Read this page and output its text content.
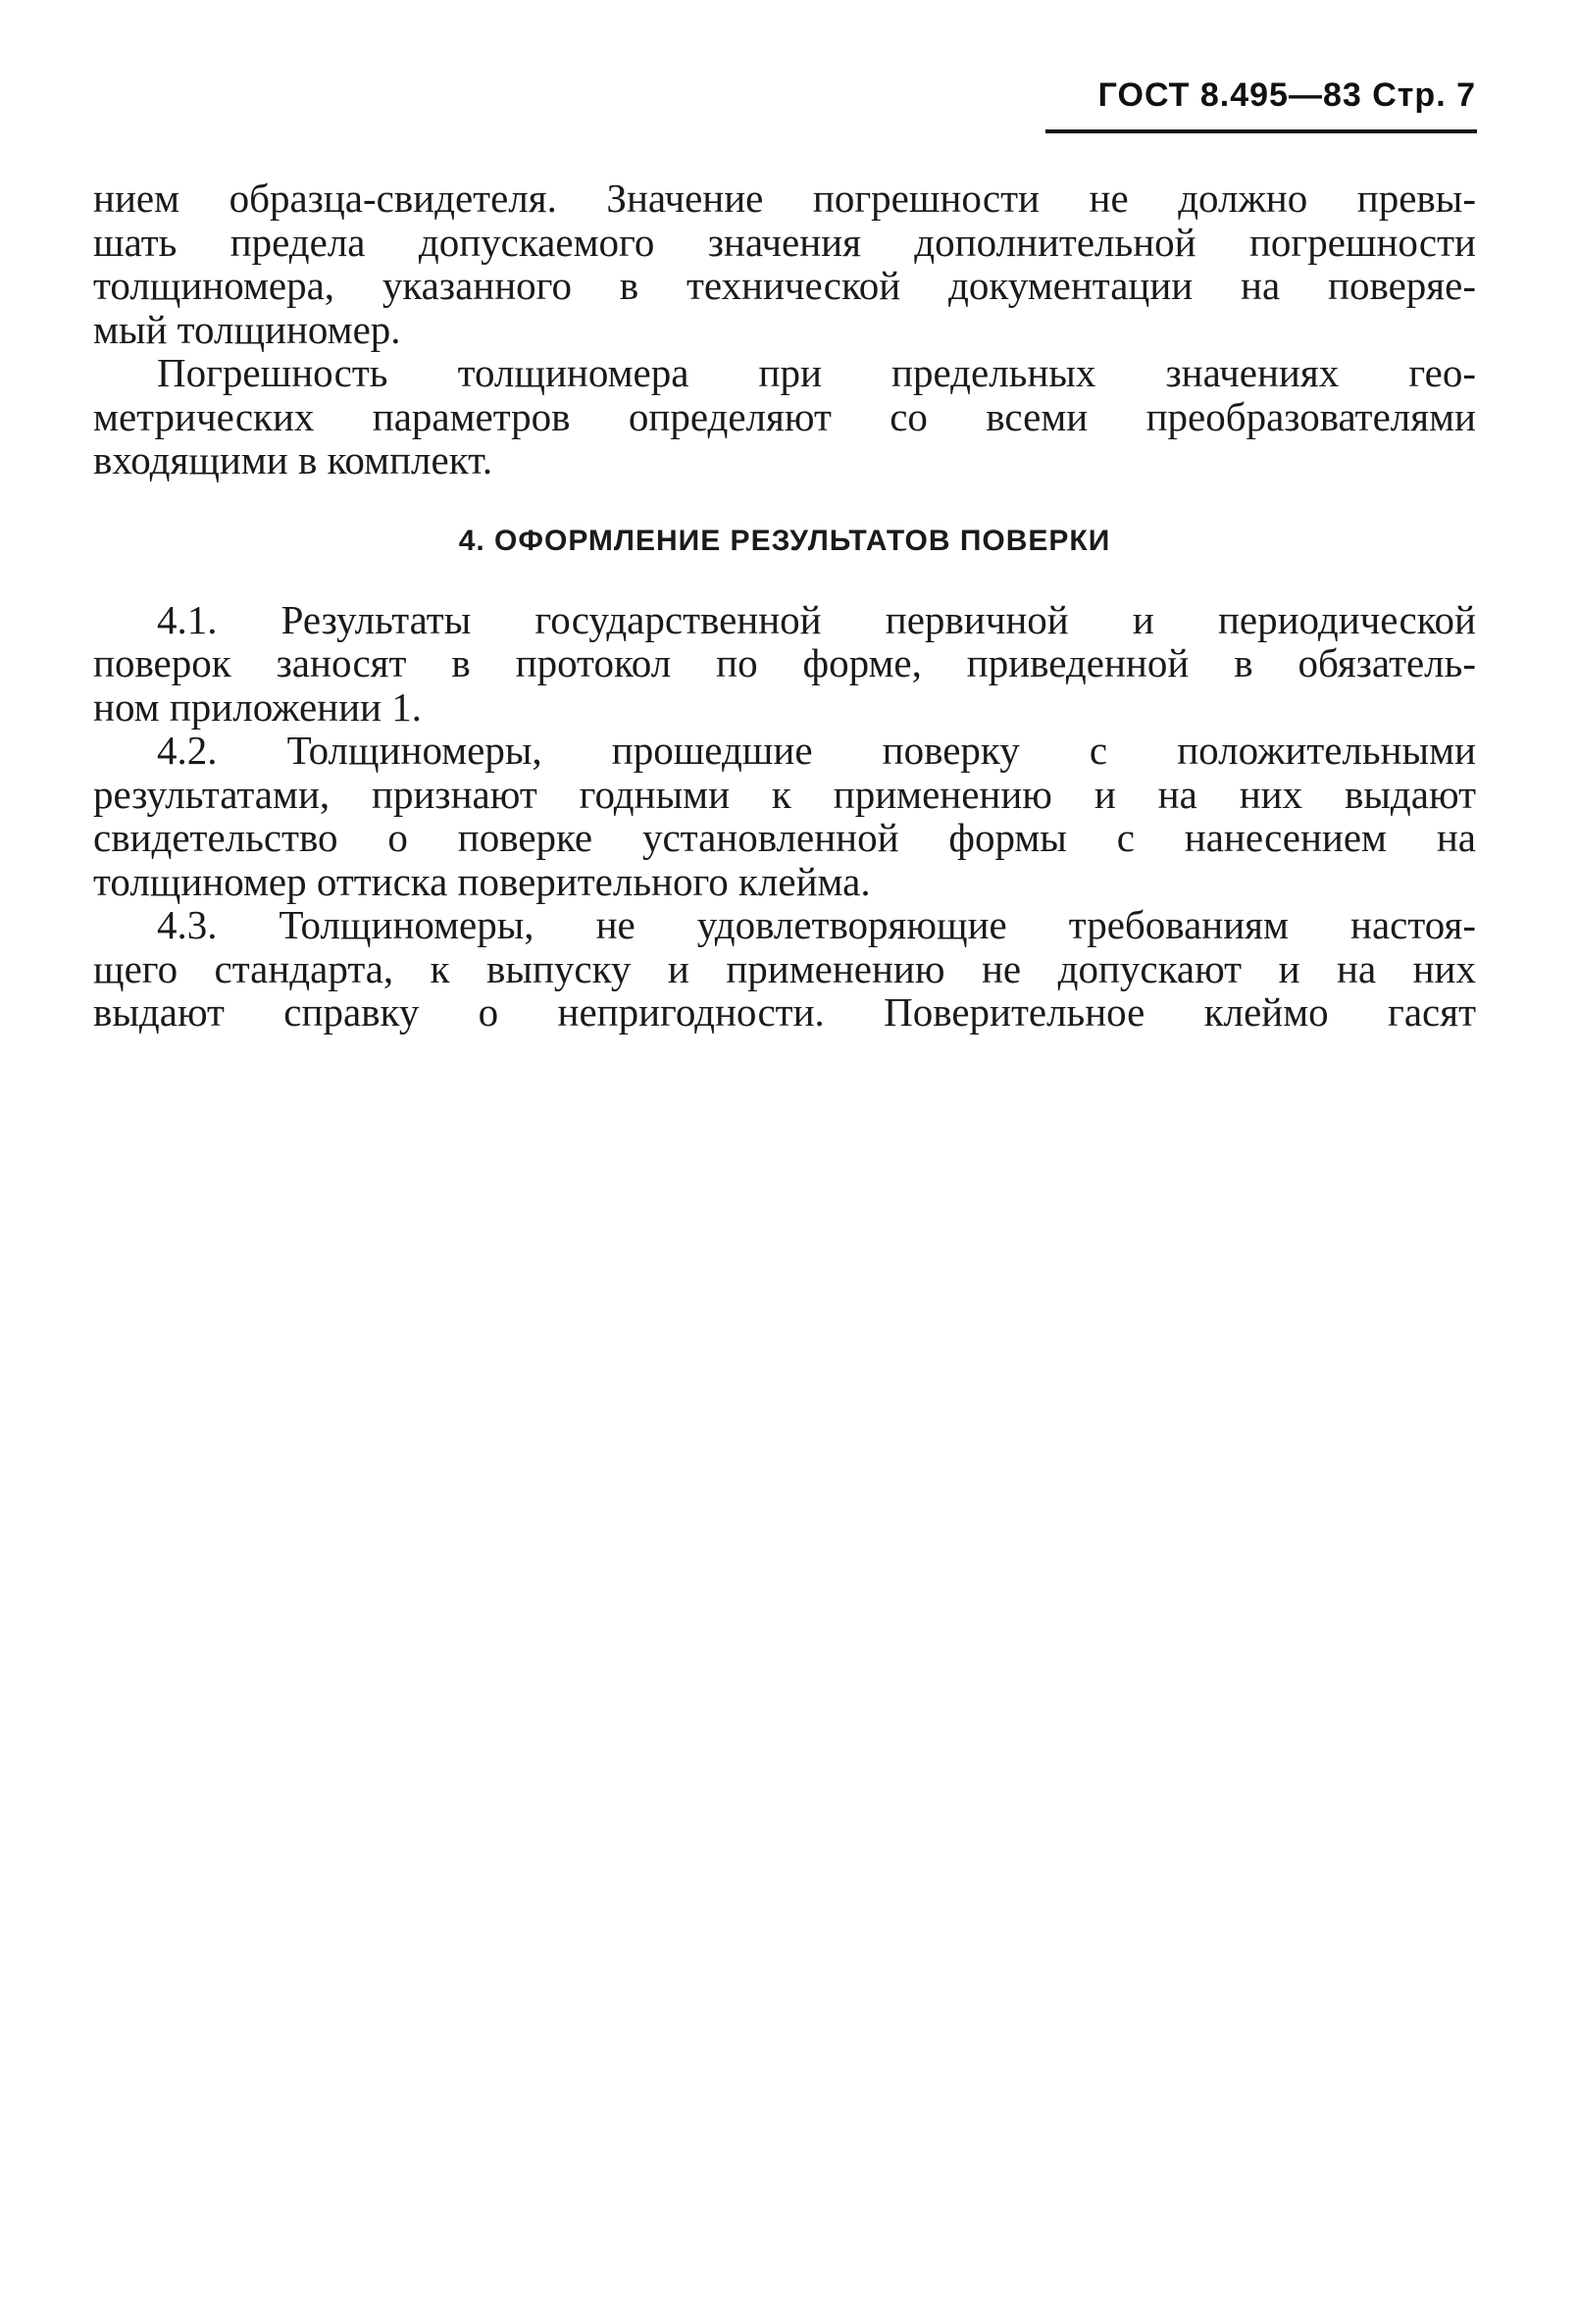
ГОСТ 8.495—83 Стр. 7
нием образца-свидетеля. Значение погрешности не должно превы-
шать предела допускаемого значения дополнительной погрешности
толщиномера, указанного в технической документации на поверяе-
мый толщиномер.
Погрешность толщиномера при предельных значениях гео-
метрических параметров определяют со всеми преобразователями
входящими в комплект.
4. ОФОРМЛЕНИЕ РЕЗУЛЬТАТОВ ПОВЕРКИ
4.1. Результаты государственной первичной и периодической
поверок заносят в протокол по форме, приведенной в обязатель-
ном приложении 1.
4.2. Толщиномеры, прошедшие поверку с положительными
результатами, признают годными к применению и на них выдают
свидетельство о поверке установленной формы с нанесением на
толщиномер оттиска поверительного клейма.
4.3. Толщиномеры, не удовлетворяющие требованиям настоя-
щего стандарта, к выпуску и применению не допускают и на них
выдают справку о непригодности. Поверительное клеймо гасят
